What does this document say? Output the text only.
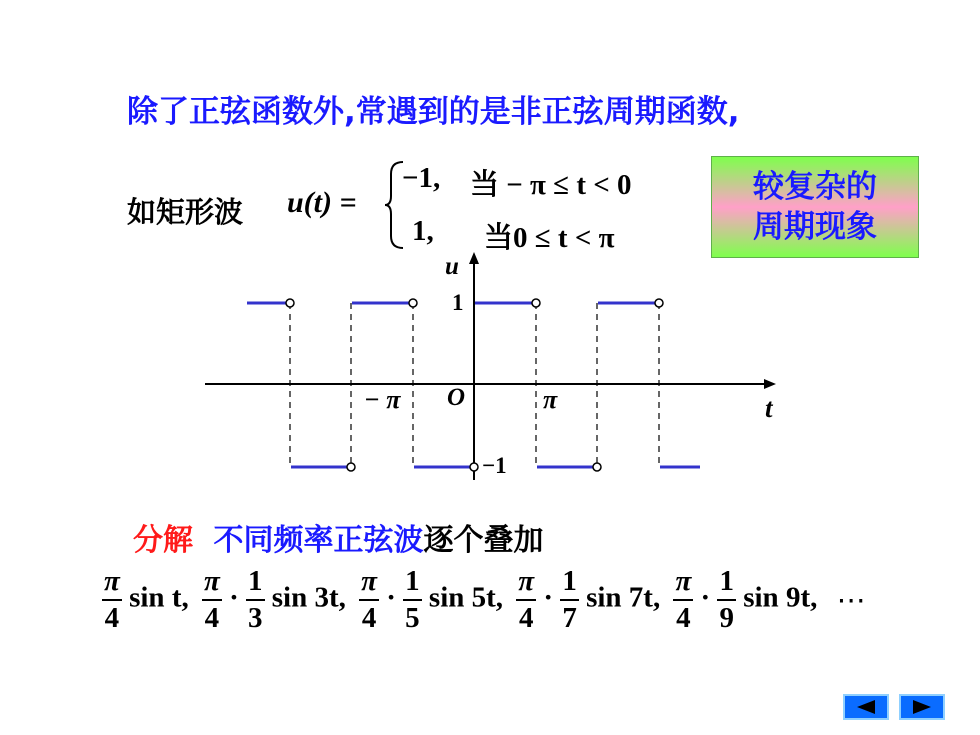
除了正弦函数外,常遇到的是非正弦周期函数,
如矩形波 u(t) =
−1, 当 − π ≤ t < 0
1, 当0 ≤ t < π
较复杂的
周期现象
u
t
O
1
−1
π
− π
分解 不同频率正弦波逐个叠加
$\frac{\pi}{4}$ sin t, $\frac{\pi}{4} \cdot \frac{1}{3}$ sin 3t, $\frac{\pi}{4} \cdot \frac{1}{5}$ sin 5t, $\frac{\pi}{4} \cdot \frac{1}{7}$ sin 7t, $\frac{\pi}{4} \cdot \frac{1}{9}$ sin 9t, ⋯
